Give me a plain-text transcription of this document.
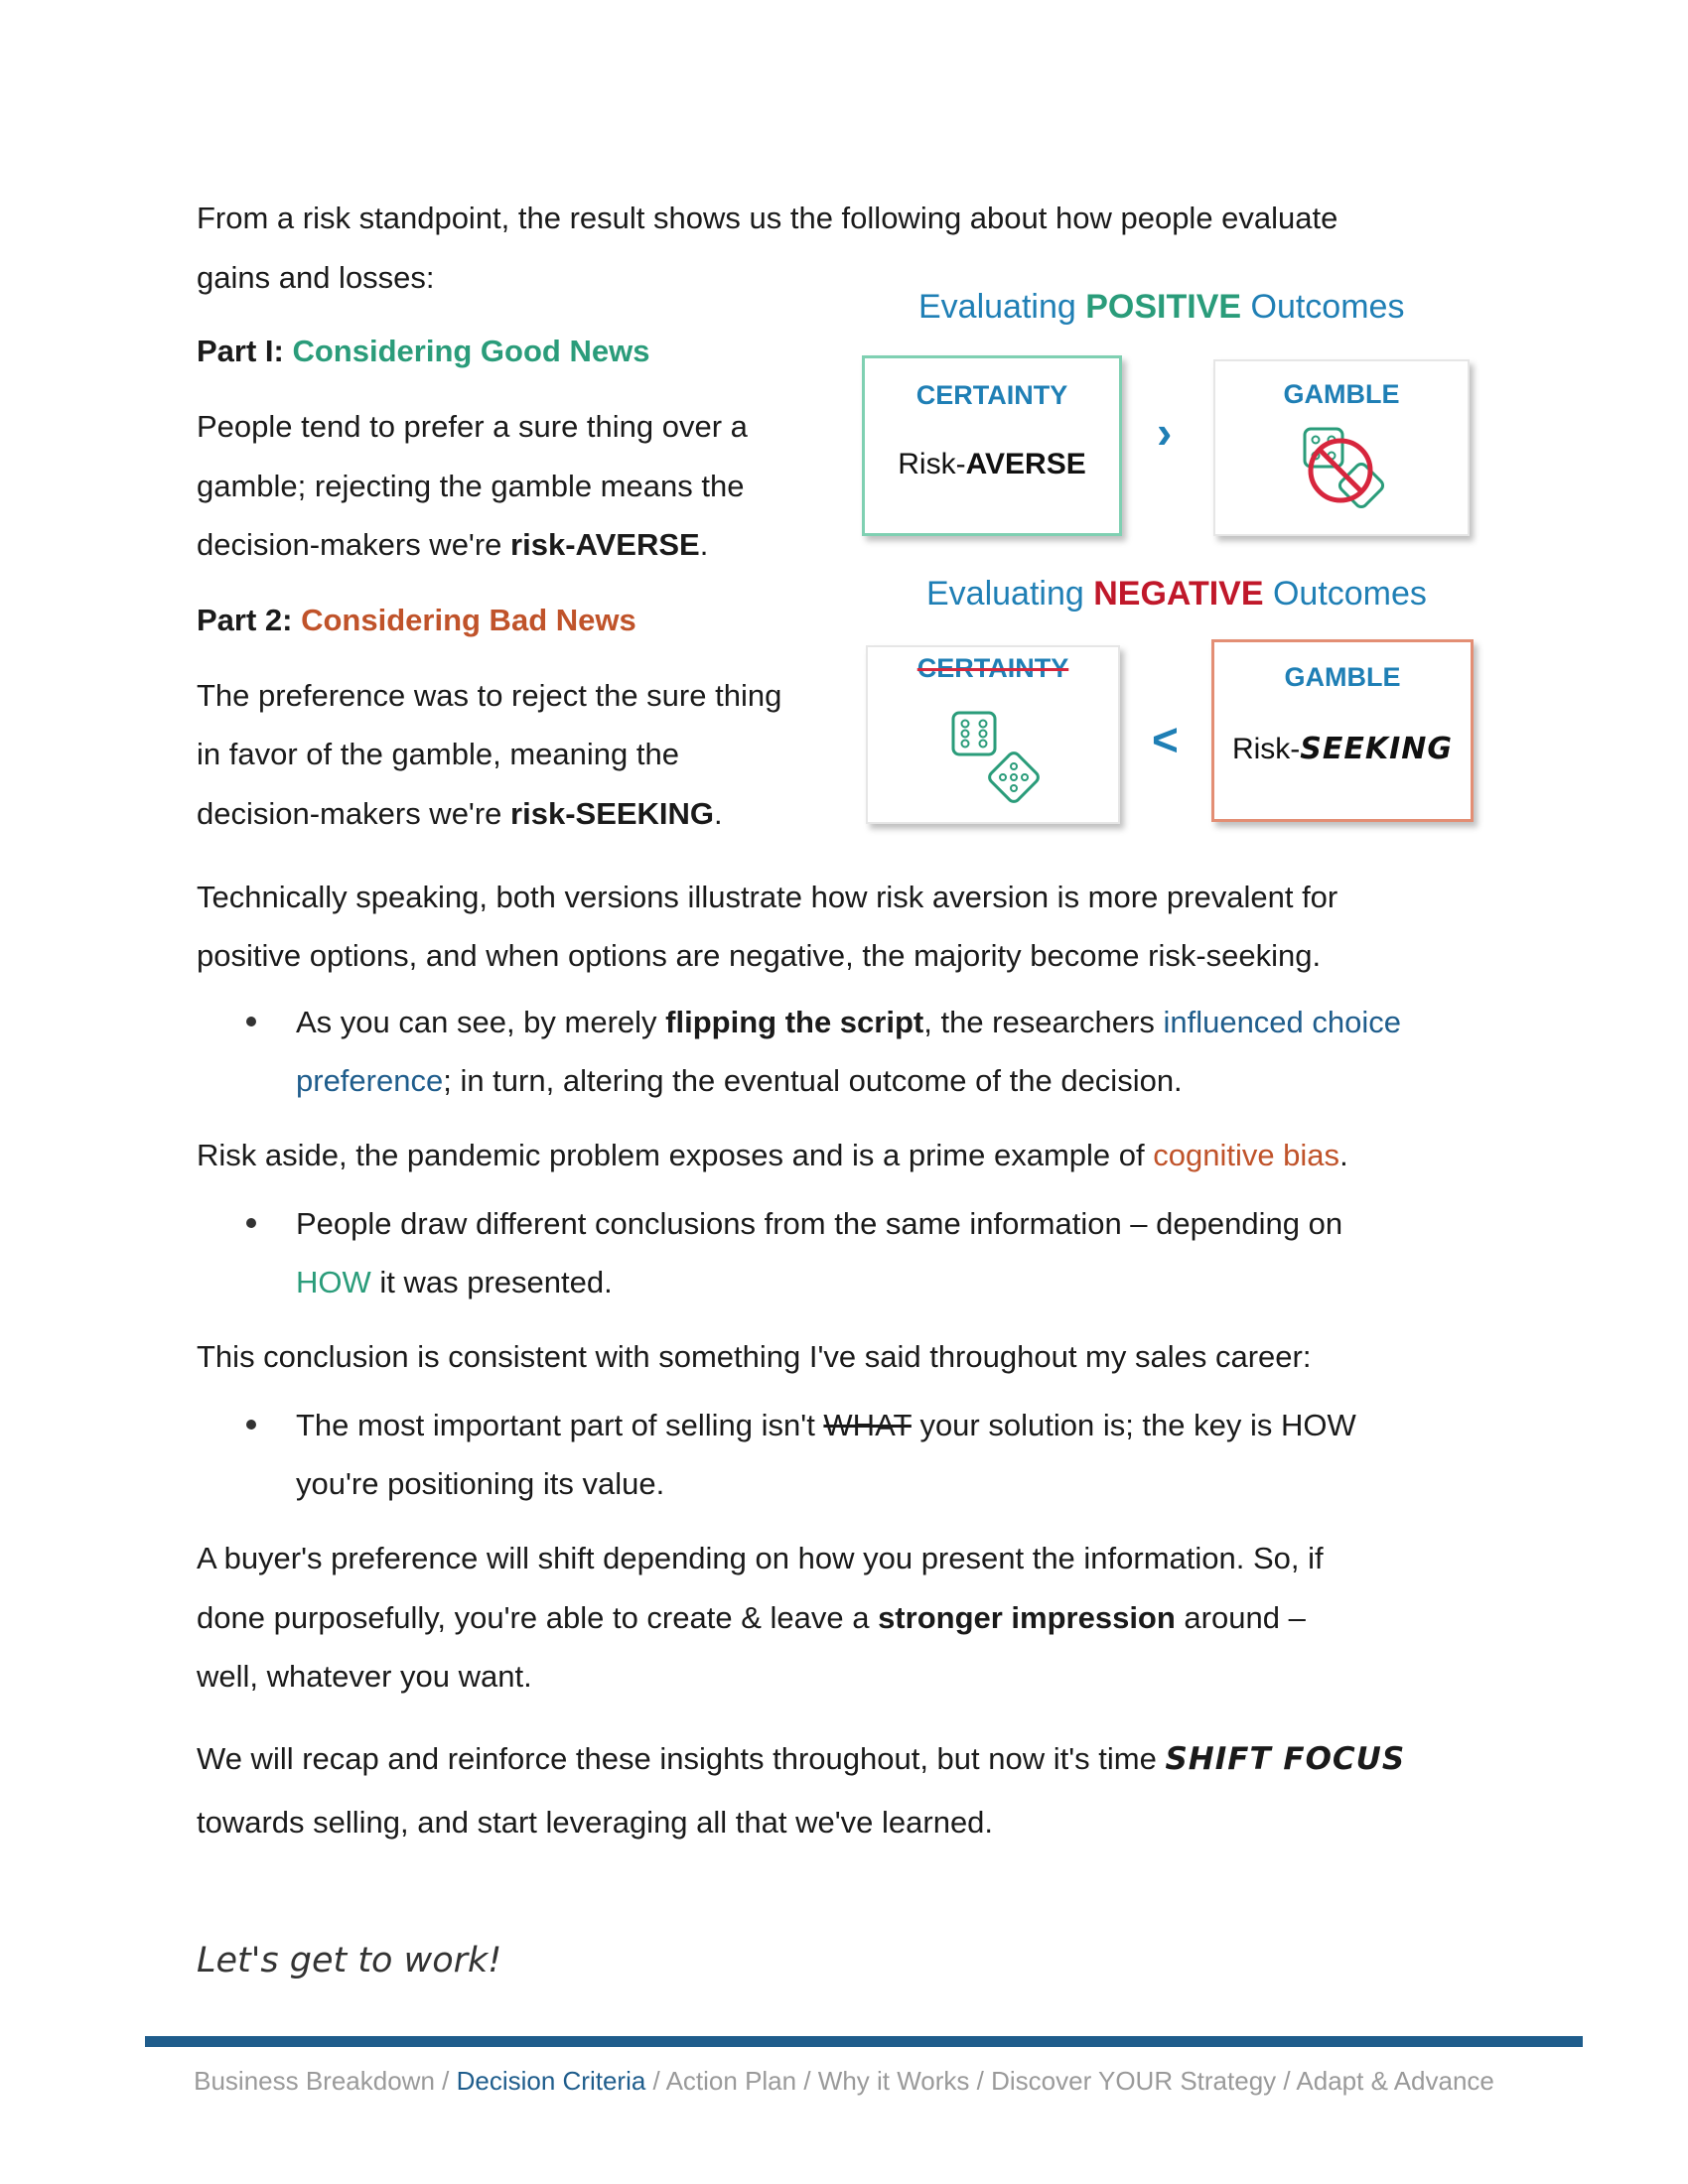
From a risk standpoint, the result shows us the following about how people evaluate

gains and losses:

Part I: Considering Good News

People tend to prefer a sure thing over a

gamble; rejecting the gamble means the

decision-makers we're risk-AVERSE.

Part 2: Considering Bad News

The preference was to reject the sure thing

in favor of the gamble, meaning the

decision-makers we're risk-SEEKING.

Evaluating POSITIVE Outcomes
CERTAINTY
Risk-AVERSE
›
GAMBLE
Evaluating NEGATIVE Outcomes
CERTAINTY
<
GAMBLE
Risk-SEEKING

Technically speaking, both versions illustrate how risk aversion is more prevalent for

positive options, and when options are negative, the majority become risk-seeking.

As you can see, by merely flipping the script, the researchers influenced choice

preference; in turn, altering the eventual outcome of the decision.

Risk aside, the pandemic problem exposes and is a prime example of cognitive bias.

People draw different conclusions from the same information – depending on

HOW it was presented.

This conclusion is consistent with something I've said throughout my sales career:

The most important part of selling isn't WHAT your solution is; the key is HOW

you're positioning its value.

A buyer's preference will shift depending on how you present the information. So, if

done purposefully, you're able to create & leave a stronger impression around –

well, whatever you want.

We will recap and reinforce these insights throughout, but now it's time SHIFT FOCUS

towards selling, and start leveraging all that we've learned.

Let's get to work!
Business Breakdown / Decision Criteria / Action Plan / Why it Works / Discover YOUR Strategy / Adapt & Advance
